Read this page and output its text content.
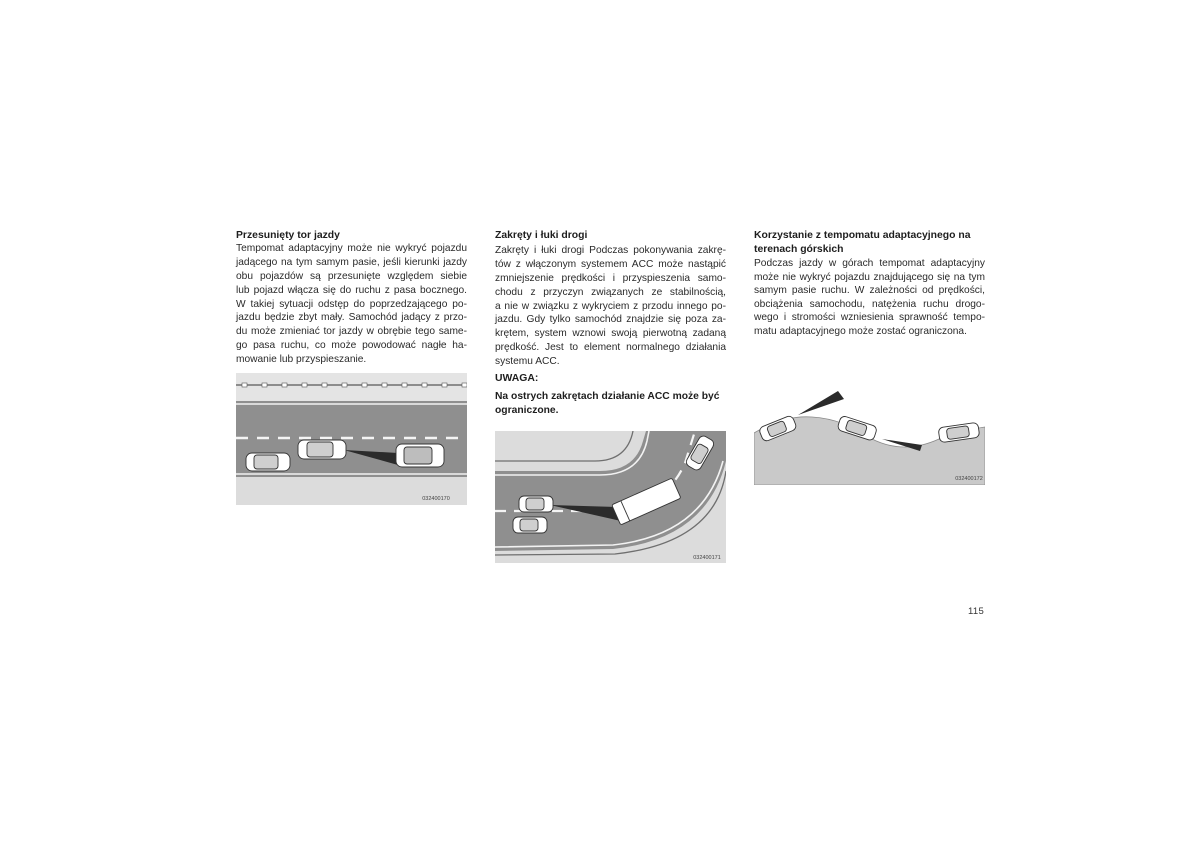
Przesunięty tor jazdy
Tempomat adaptacyjny może nie wykryć pojazdu
jadącego na tym samym pasie, jeśli kierunki jazdy
obu pojazdów są przesunięte względem siebie
lub pojazd włącza się do ruchu z pasa bocznego.
W takiej sytuacji odstęp do poprzedzającego po-
jazdu będzie zbyt mały. Samochód jadący z przo-
du może zmieniać tor jazdy w obrębie tego same-
go pasa ruchu, co może powodować nagłe ha-
mowanie lub przyspieszanie.
032400170
Zakręty i łuki drogi
Zakręty i łuki drogi Podczas pokonywania zakrę-
tów z włączonym systemem ACC może nastąpić
zmniejszenie prędkości i przyspieszenia samo-
chodu z przyczyn związanych ze stabilnością,
a nie w związku z wykryciem z przodu innego po-
jazdu. Gdy tylko samochód znajdzie się poza za-
krętem, system wznowi swoją pierwotną zadaną
prędkość. Jest to element normalnego działania
systemu ACC.
UWAGA:
Na ostrych zakrętach działanie ACC może być
ograniczone.
032400171
Korzystanie z tempomatu adaptacyjnego na
terenach górskich
Podczas jazdy w górach tempomat adaptacyjny
może nie wykryć pojazdu znajdującego się na tym
samym pasie ruchu. W zależności od prędkości,
obciążenia samochodu, natężenia ruchu drogo-
wego i stromości wzniesienia sprawność tempo-
matu adaptacyjnego może zostać ograniczona.
032400172
115
